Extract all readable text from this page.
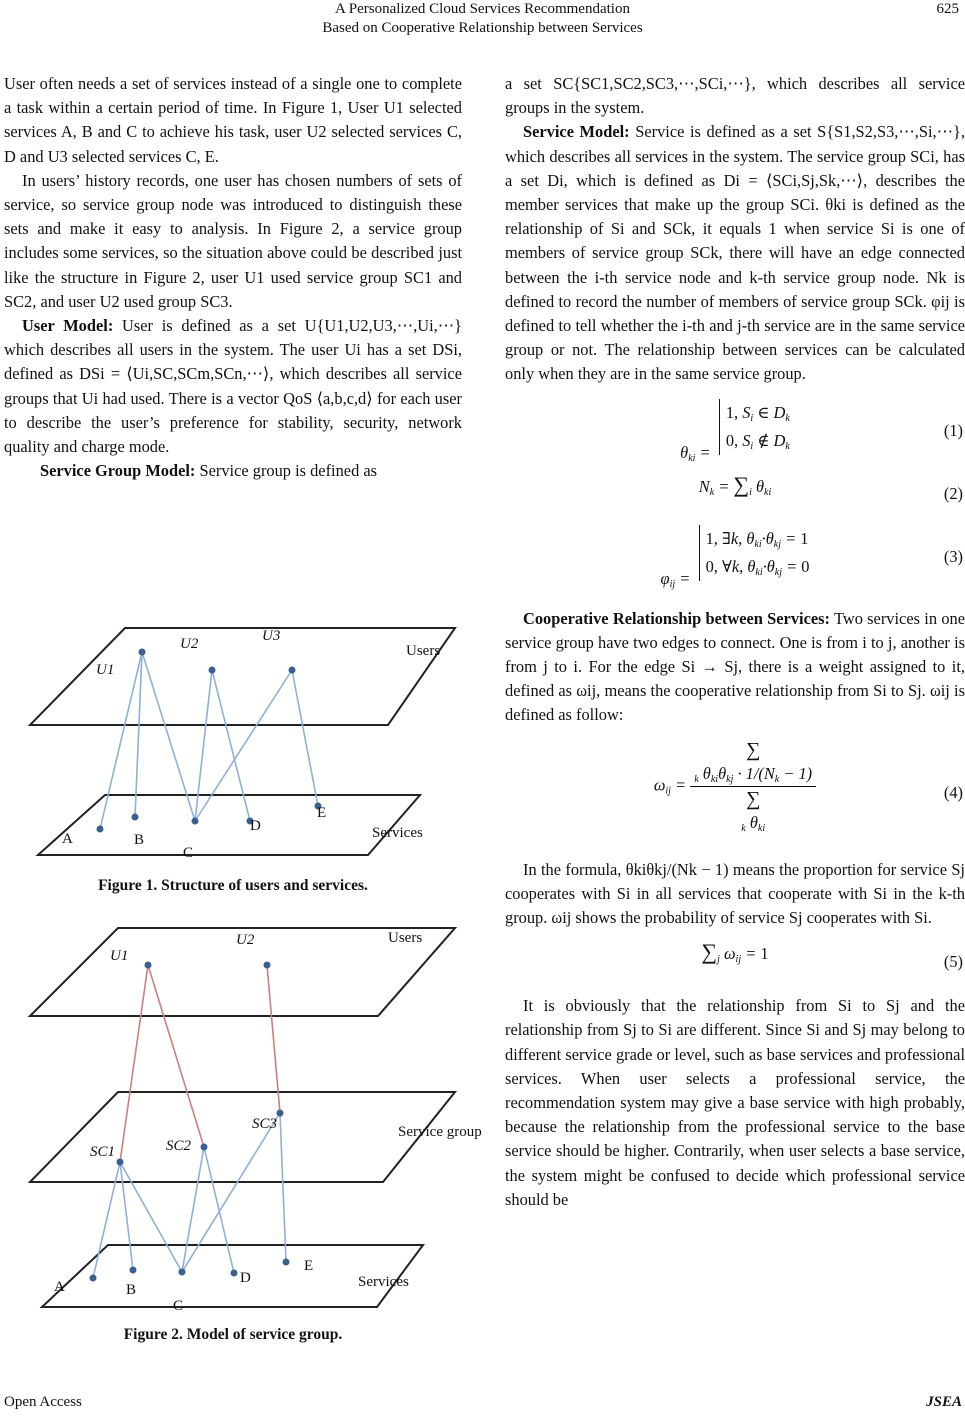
A Personalized Cloud Services Recommendation
Based on Cooperative Relationship between Services
625

User often needs a set of services instead of a single one to complete a task within a certain period of time. In Figure 1, User U1 selected services A, B and C to achieve his task, user U2 selected services C, D and U3 selected services C, E.

In users’ history records, one user has chosen numbers of sets of service, so service group node was introduced to distinguish these sets and make it easy to analysis. In Figure 2, a service group includes some services, so the situation above could be described just like the structure in Figure 2, user U1 used service group SC1 and SC2, and user U2 used group SC3.

User Model: User is defined as a set U{U1,U2,U3,⋯,Ui,⋯} which describes all users in the system. The user Ui has a set DSi, defined as DSi = ⟨Ui,SC,SCm,SCn,⋯⟩, which describes all service groups that Ui had used. There is a vector QoS ⟨a,b,c,d⟩ for each user to describe the user’s preference for stability, security, network quality and charge mode.

Service Group Model: Service group is defined as

U1
U2	U3
Users
Services
A	B
C
D
E
Figure 1. Structure of users and services.
U1
U2	Users
SC1	SC2
SC3	Service group
Services
A	B
C
D
E
Figure 2. Model of service group.

a set SC{SC1,SC2,SC3,⋯,SCi,⋯}, which describes all service groups in the system.

Service Model: Service is defined as a set S{S1,S2,S3,⋯,Si,⋯}, which describes all services in the system. The service group SCi, has a set Di, which is defined as Di = ⟨SCi,Sj,Sk,⋯⟩, describes the member services that make up the group SCi. θki is defined as the relationship of Si and SCk, it equals 1 when service Si is one of members of service group SCk, there will have an edge connected between the i-th service node and k-th service group node. Nk is defined to record the number of members of service group SCk. φij is defined to tell whether the i-th and j-th service are in the same service group or not. The relationship between services can be calculated only when they are in the same service group.

$\theta_{ki} = 1$, $S_i$ ∈ $D_k$
0, $S_i$ ∉ $D_k$
(1)
$N_k = \sum_i$ $\theta_{ki}$	(2)
$\varphi_{ij} = 1$, ∃k, $\theta_{ki}\cdot\theta_{kj} = 1$
0, ∀k, $\theta_{ki}\cdot\theta_{kj} = 0$
(3)

Cooperative Relationship between Services: Two services in one service group have two edges to connect. One is from i to j, another is from j to i. For the edge Si → Sj, there is a weight assigned to it, defined as ωij, means the cooperative relationship from Si to Sj. ωij is defined as follow:

$\omega_{ij}$ = ∑
$_k$ $\theta_{ki}\theta_{kj} \cdot 1/(N_k - 1)$
∑
$_k$ $\theta_{ki}$	(4)

In the formula, θkiθkj/(Nk − 1) means the proportion for service Sj cooperates with Si in all services that cooperate with Si in the k-th group. ωij shows the probability of service Sj cooperates with Si.

$\sum_j$ $\omega_{ij} = 1$	(5)

It is obviously that the relationship from Si to Sj and the relationship from Sj to Si are different. Since Si and Sj may belong to different service grade or level, such as base services and professional services. When user selects a professional service, the recommendation system may give a base service with high probably, because the relationship from the professional service to the base service should be higher. Contrarily, when user selects a base service, the system might be confused to decide which professional service should be

Open Access	JSEA
